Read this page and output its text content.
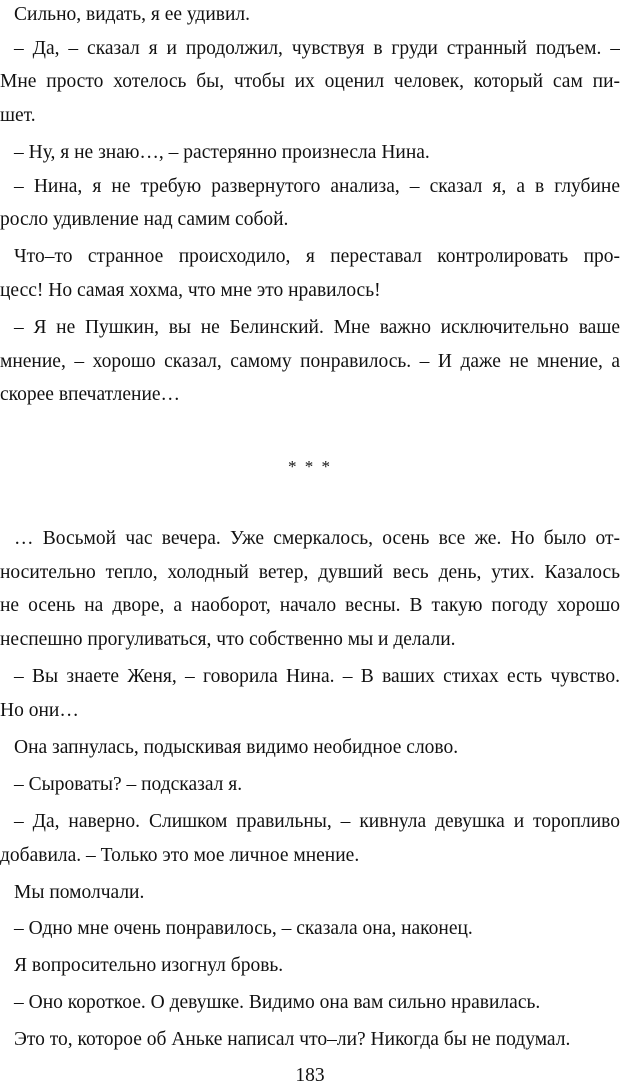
Сильно, видать, я ее удивил.
– Да, – сказал я и продолжил, чувствуя в груди странный подъем. –
Мне просто хотелось бы, чтобы их оценил человек, который сам пи-
шет.
– Ну, я не знаю…, – растерянно произнесла Нина.
– Нина, я не требую развернутого анализа, – сказал я, а в глубине
росло удивление над самим собой.
Что–то странное происходило, я переставал контролировать про-
цесс! Но самая хохма, что мне это нравилось!
– Я не Пушкин, вы не Белинский. Мне важно исключительно ваше
мнение, – хорошо сказал, самому понравилось. – И даже не мнение, а
скорее впечатление…
* * *
… Восьмой час вечера. Уже смеркалось, осень все же. Но было от-
носительно тепло, холодный ветер, дувший весь день, утих. Казалось
не осень на дворе, а наоборот, начало весны. В такую погоду хорошо
неспешно прогуливаться, что собственно мы и делали.
– Вы знаете Женя, – говорила Нина. – В ваших стихах есть чувство.
Но они…
Она запнулась, подыскивая видимо необидное слово.
– Сыроваты? – подсказал я.
– Да, наверно. Слишком правильны, – кивнула девушка и торопливо
добавила. – Только это мое личное мнение.
Мы помолчали.
– Одно мне очень понравилось, – сказала она, наконец.
Я вопросительно изогнул бровь.
– Оно короткое. О девушке. Видимо она вам сильно нравилась.
Это то, которое об Аньке написал что–ли? Никогда бы не подумал.
183
